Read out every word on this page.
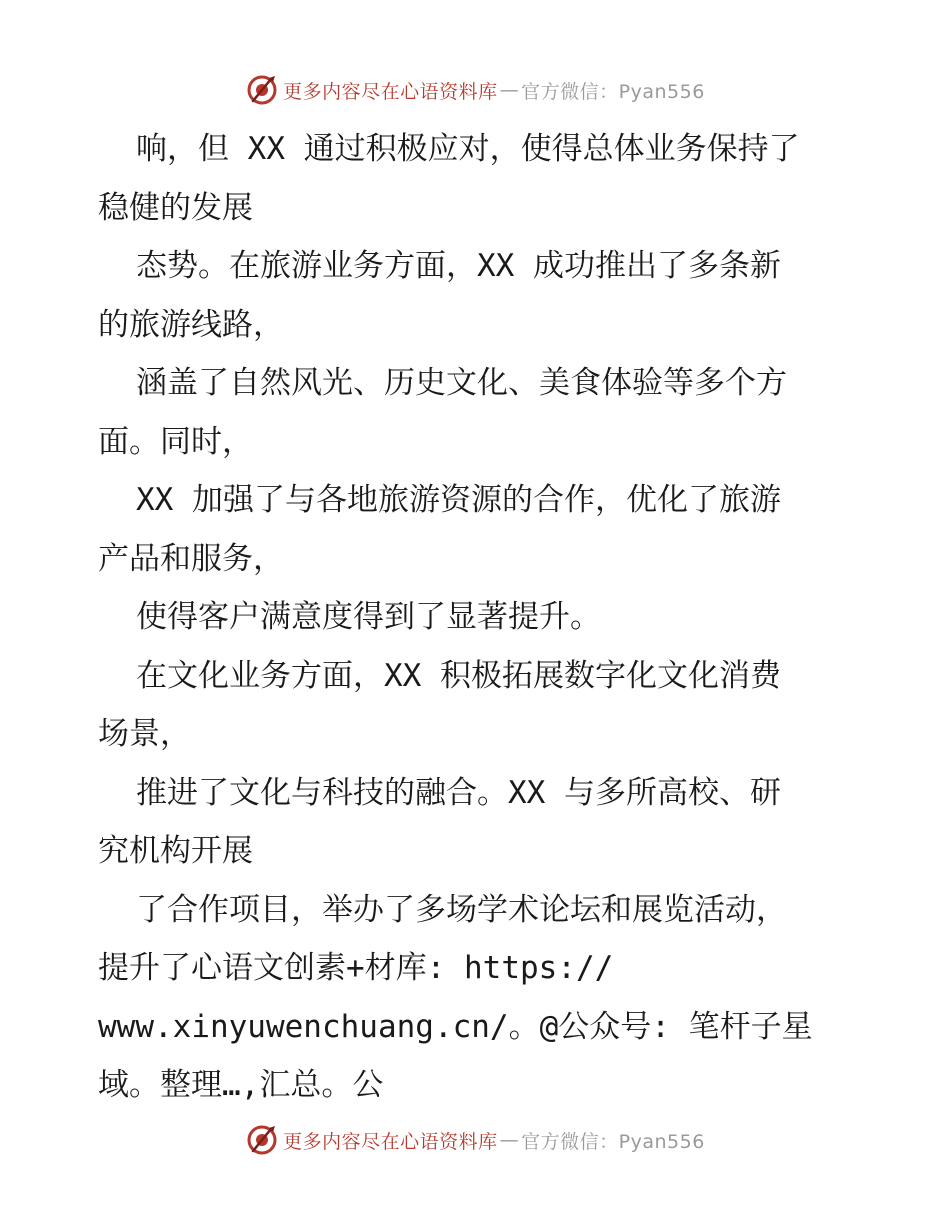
更多内容尽在心语资料库 — 官方微信：Pyan556
响，但 XX 通过积极应对，使得总体业务保持了
稳健的发展
态势。在旅游业务方面，XX 成功推出了多条新
的旅游线路，
涵盖了自然风光、历史文化、美食体验等多个方
面。同时，
XX 加强了与各地旅游资源的合作，优化了旅游
产品和服务，
使得客户满意度得到了显著提升。
在文化业务方面，XX 积极拓展数字化文化消费
场景，
推进了文化与科技的融合。XX 与多所高校、研
究机构开展
了合作项目，举办了多场学术论坛和展览活动，
提升了心语文创素+材库: https://
www.xinyuwenchuang.cn/。@公众号: 笔杆子星
域。整理…,汇总。公
更多内容尽在心语资料库 — 官方微信：Pyan556
